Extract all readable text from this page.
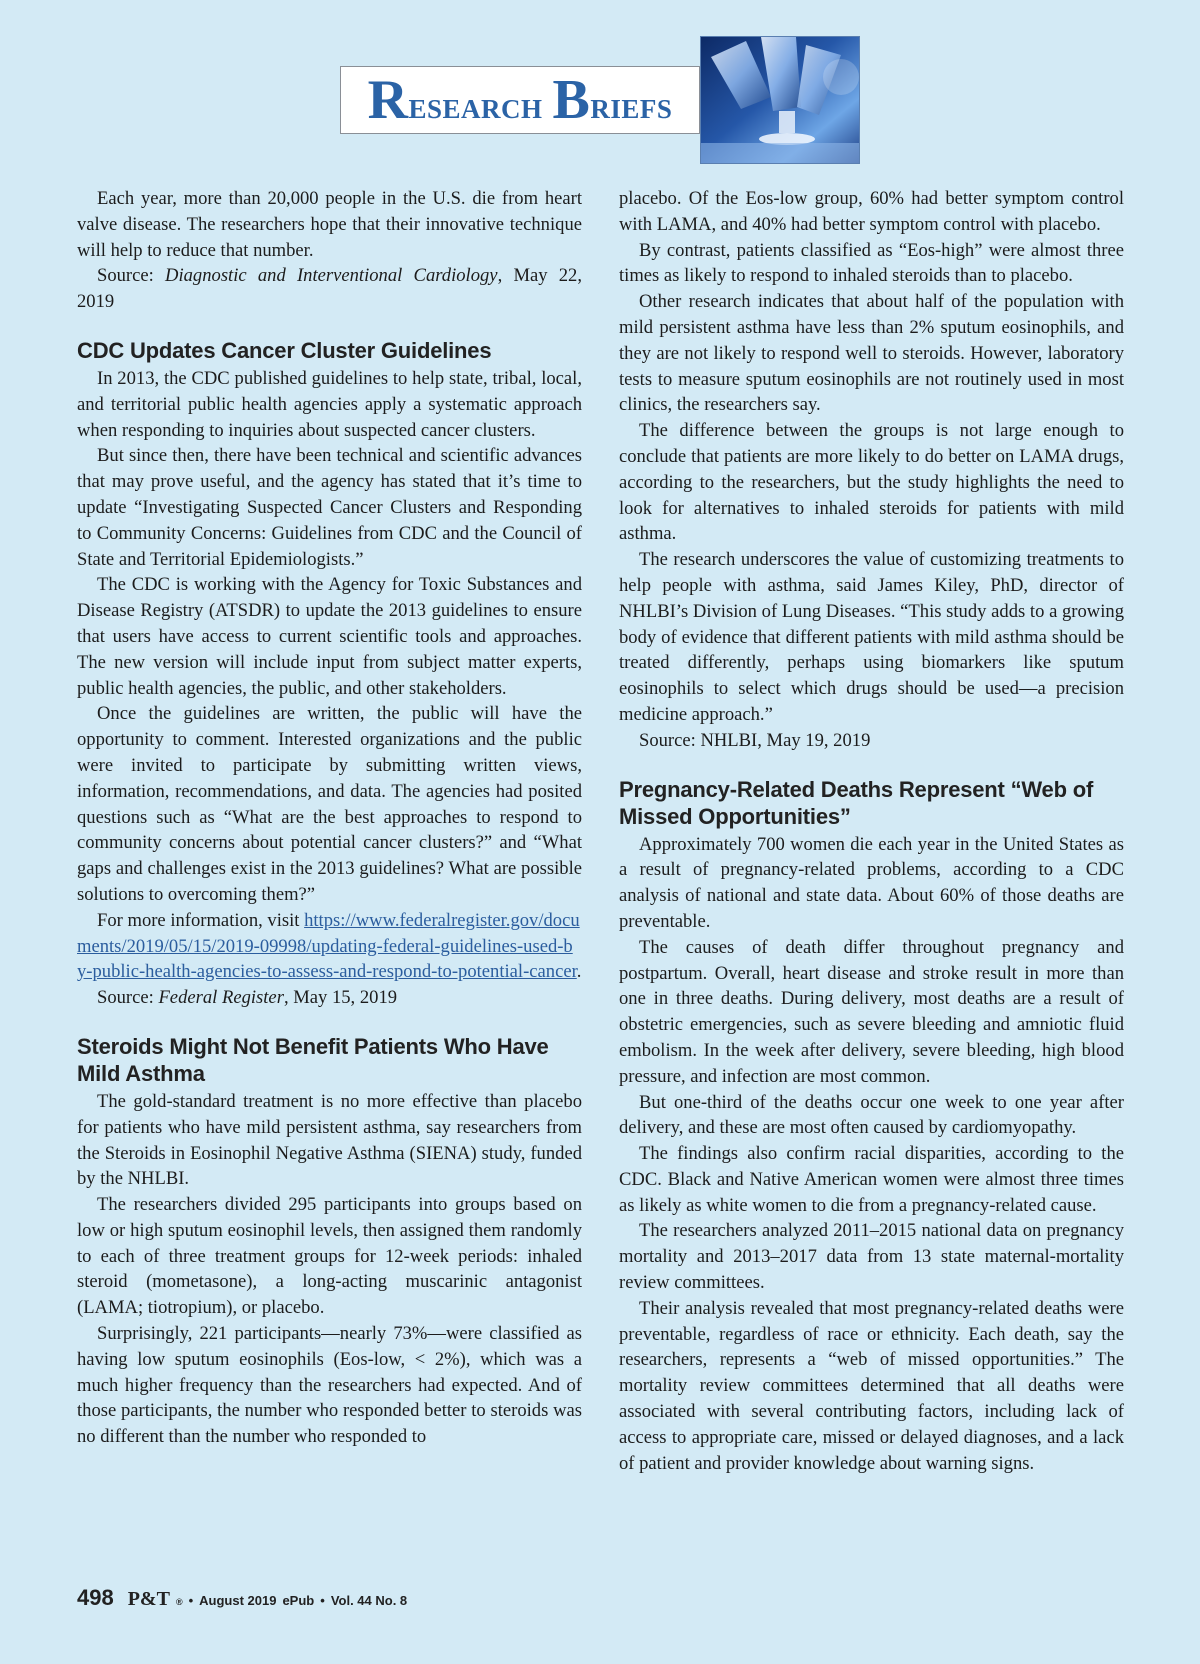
Research Briefs

Each year, more than 20,000 people in the U.S. die from heart valve disease. The researchers hope that their innovative technique will help to reduce that number.

Source: Diagnostic and Interventional Cardiology, May 22, 2019

CDC Updates Cancer Cluster Guidelines

In 2013, the CDC published guidelines to help state, tribal, local, and territorial public health agencies apply a systematic approach when responding to inquiries about suspected cancer clusters.

But since then, there have been technical and scientific advances that may prove useful, and the agency has stated that it’s time to update “Investigating Suspected Cancer Clusters and Responding to Community Concerns: Guidelines from CDC and the Council of State and Territorial Epidemiologists.”

The CDC is working with the Agency for Toxic Substances and Disease Registry (ATSDR) to update the 2013 guidelines to ensure that users have access to current scientific tools and approaches. The new version will include input from subject matter experts, public health agencies, the public, and other stakeholders.

Once the guidelines are written, the public will have the opportunity to comment. Interested organizations and the public were invited to participate by submitting written views, information, recommendations, and data. The agencies had posited questions such as “What are the best approaches to respond to community concerns about potential cancer clusters?” and “What gaps and challenges exist in the 2013 guidelines? What are possible solutions to overcoming them?”

For more information, visit https://www.federalregister.gov/documents/2019/05/15/2019-09998/updating-federal-guidelines-used-by-public-health-agencies-to-assess-and-respond-to-potential-cancer.

Source: Federal Register, May 15, 2019

Steroids Might Not Benefit Patients Who Have Mild Asthma

The gold-standard treatment is no more effective than placebo for patients who have mild persistent asthma, say researchers from the Steroids in Eosinophil Negative Asthma (SIENA) study, funded by the NHLBI.

The researchers divided 295 participants into groups based on low or high sputum eosinophil levels, then assigned them randomly to each of three treatment groups for 12-week periods: inhaled steroid (mometasone), a long-acting muscarinic antagonist (LAMA; tiotropium), or placebo.

Surprisingly, 221 participants—nearly 73%—were classified as having low sputum eosinophils (Eos-low, < 2%), which was a much higher frequency than the researchers had expected. And of those participants, the number who responded better to steroids was no different than the number who responded to

placebo. Of the Eos-low group, 60% had better symptom control with LAMA, and 40% had better symptom control with placebo.

By contrast, patients classified as “Eos-high” were almost three times as likely to respond to inhaled steroids than to placebo.

Other research indicates that about half of the population with mild persistent asthma have less than 2% sputum eosinophils, and they are not likely to respond well to steroids. However, laboratory tests to measure sputum eosinophils are not routinely used in most clinics, the researchers say.

The difference between the groups is not large enough to conclude that patients are more likely to do better on LAMA drugs, according to the researchers, but the study highlights the need to look for alternatives to inhaled steroids for patients with mild asthma.

The research underscores the value of customizing treatments to help people with asthma, said James Kiley, PhD, director of NHLBI’s Division of Lung Diseases. “This study adds to a growing body of evidence that different patients with mild asthma should be treated differently, perhaps using biomarkers like sputum eosinophils to select which drugs should be used—a precision medicine approach.”

Source: NHLBI, May 19, 2019

Pregnancy-Related Deaths Represent “Web of Missed Opportunities”

Approximately 700 women die each year in the United States as a result of pregnancy-related problems, according to a CDC analysis of national and state data. About 60% of those deaths are preventable.

The causes of death differ throughout pregnancy and postpartum. Overall, heart disease and stroke result in more than one in three deaths. During delivery, most deaths are a result of obstetric emergencies, such as severe bleeding and amniotic fluid embolism. In the week after delivery, severe bleeding, high blood pressure, and infection are most common.

But one-third of the deaths occur one week to one year after delivery, and these are most often caused by cardiomyopathy.

The findings also confirm racial disparities, according to the CDC. Black and Native American women were almost three times as likely as white women to die from a pregnancy-related cause.

The researchers analyzed 2011–2015 national data on pregnancy mortality and 2013–2017 data from 13 state maternal-mortality review committees.

Their analysis revealed that most pregnancy-related deaths were preventable, regardless of race or ethnicity. Each death, say the researchers, represents a “web of missed opportunities.” The mortality review committees determined that all deaths were associated with several contributing factors, including lack of access to appropriate care, missed or delayed diagnoses, and a lack of patient and provider knowledge about warning signs.

498 P&T ® • August 2019 ePub • Vol. 44 No. 8
